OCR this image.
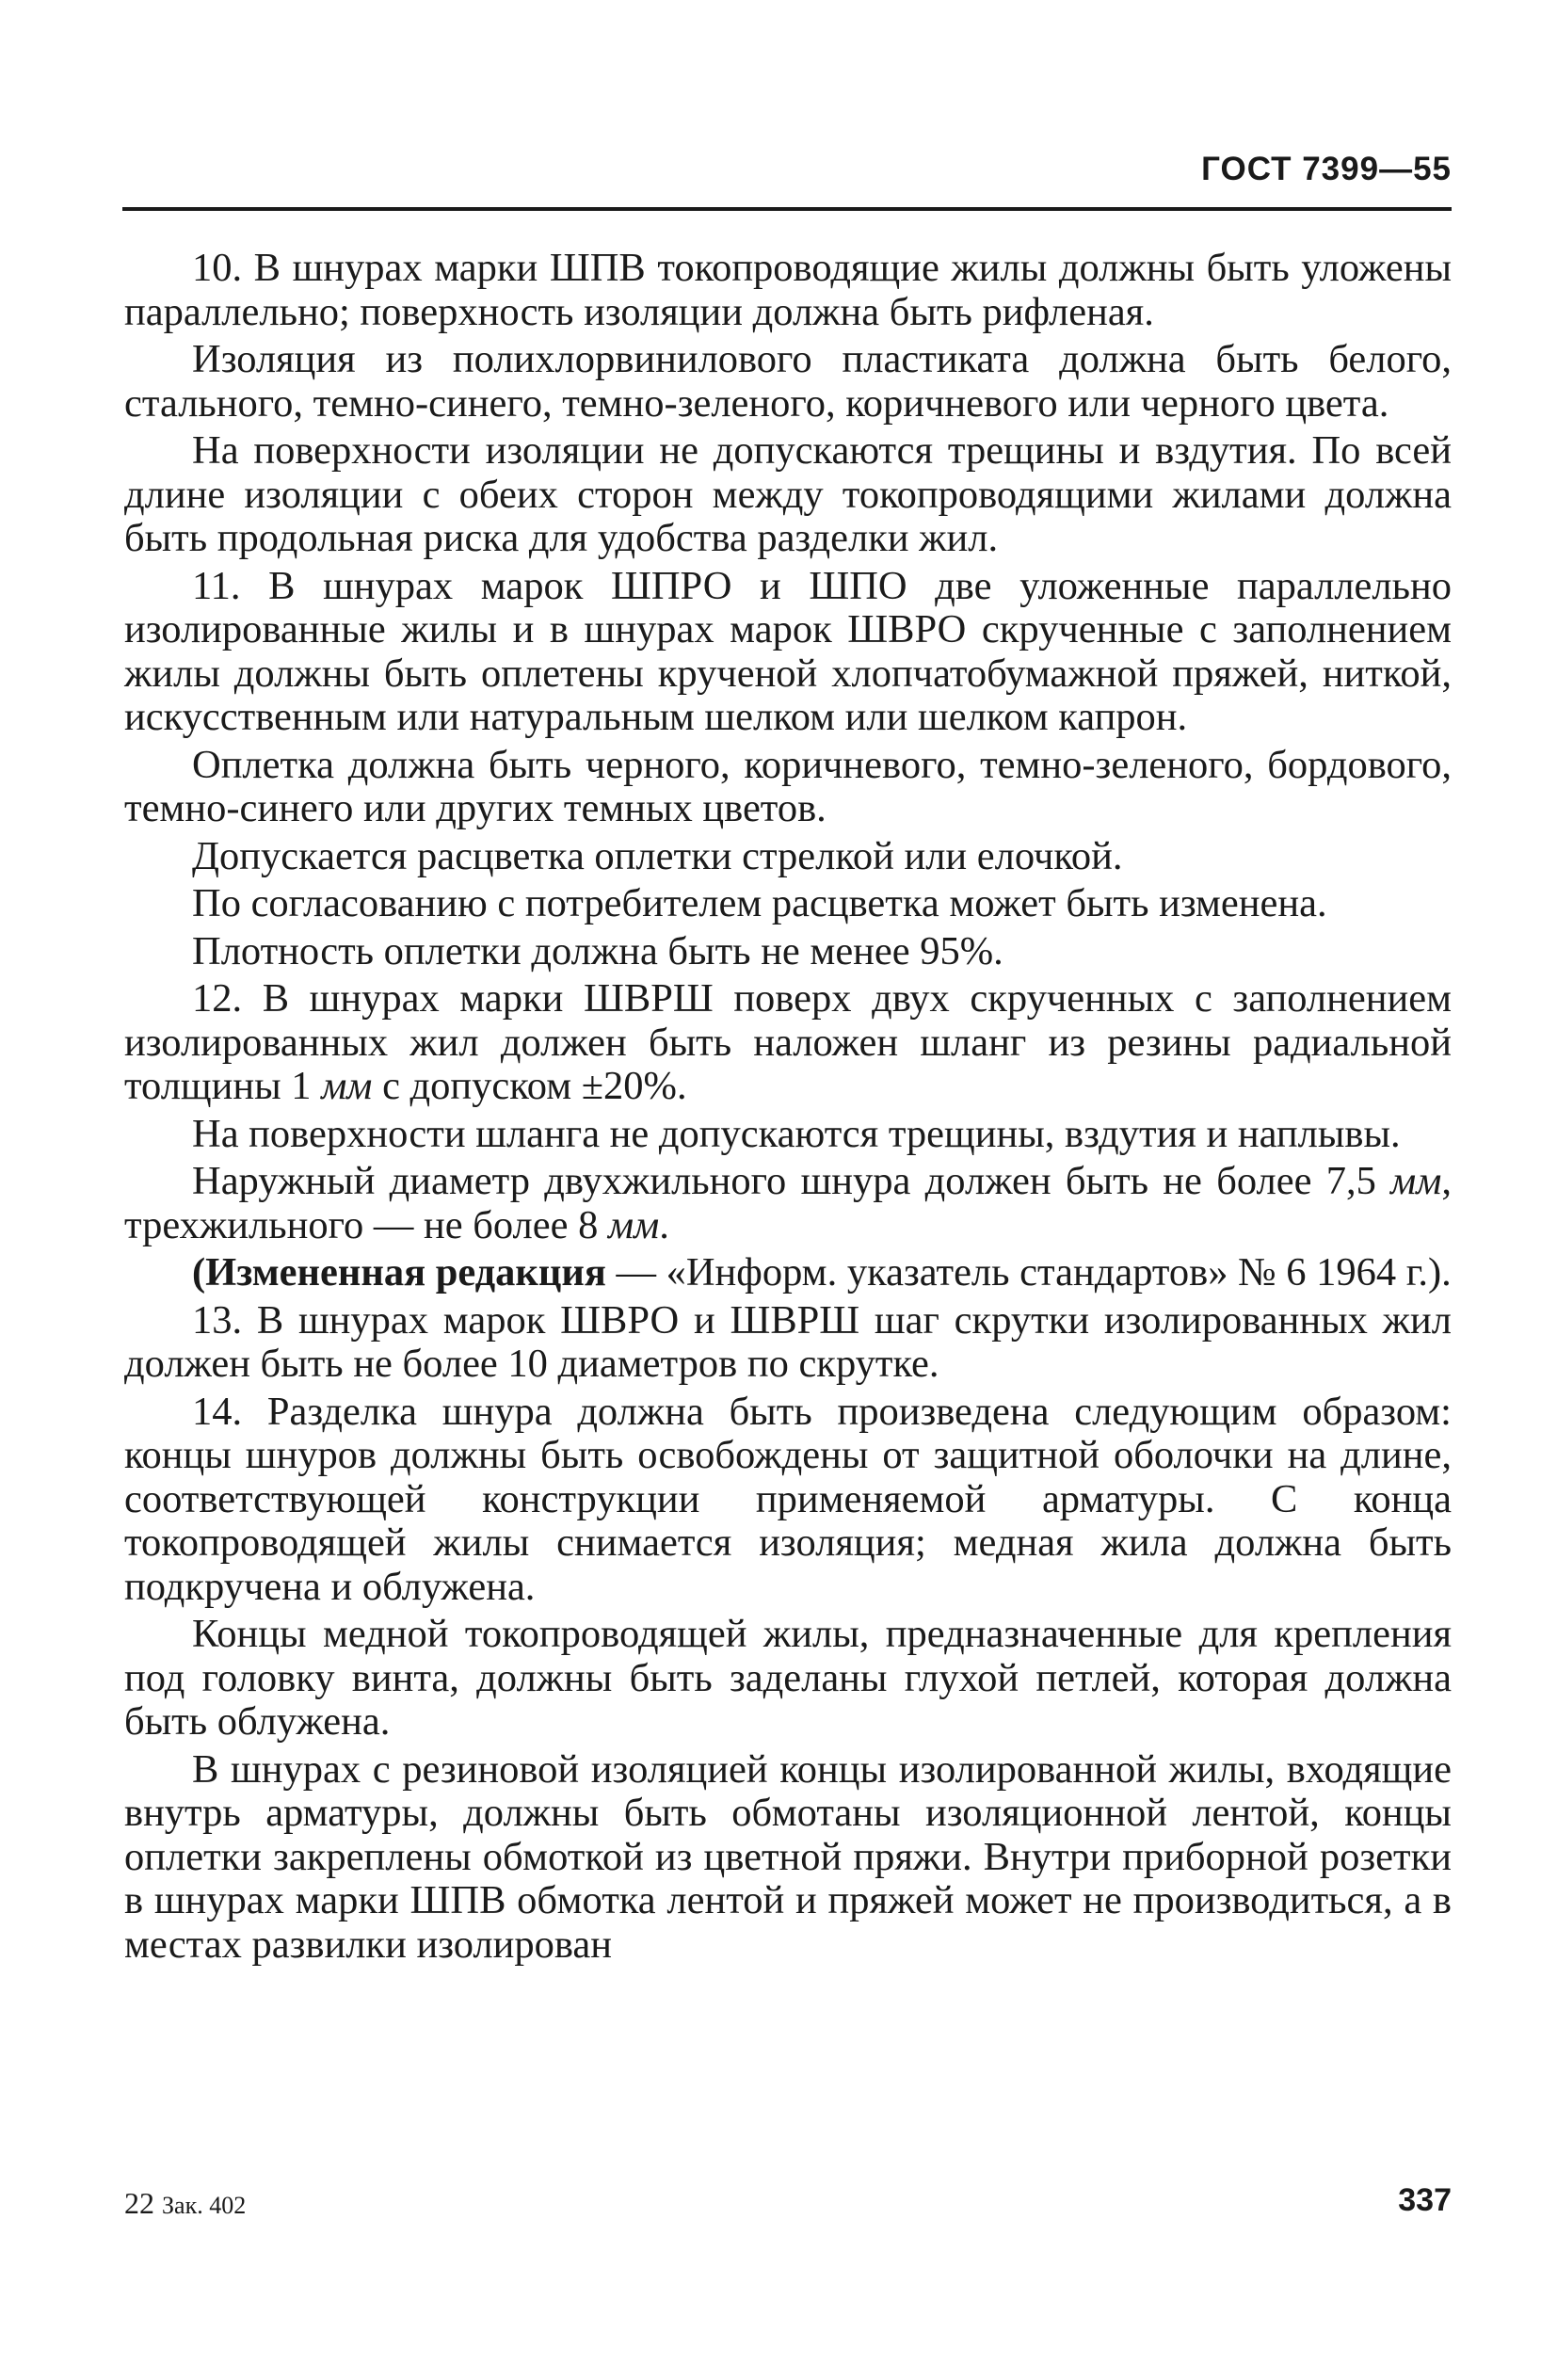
ГОСТ 7399—55

10. В шнурах марки ШПВ токопроводящие жилы должны быть уложены параллельно; поверхность изоляции должна быть рифленая.

Изоляция из полихлорвинилового пластиката должна быть белого, стального, темно-синего, темно-зеленого, коричневого или черного цвета.

На поверхности изоляции не допускаются трещины и вздутия. По всей длине изоляции с обеих сторон между токопроводящими жилами должна быть продольная риска для удобства разделки жил.

11. В шнурах марок ШПРО и ШПО две уложенные параллельно изолированные жилы и в шнурах марок ШВРО скрученные с заполнением жилы должны быть оплетены крученой хлопчатобумажной пряжей, ниткой, искусственным или натуральным шелком или шелком капрон.

Оплетка должна быть черного, коричневого, темно-зеленого, бордового, темно-синего или других темных цветов.

Допускается расцветка оплетки стрелкой или елочкой.

По согласованию с потребителем расцветка может быть изменена.

Плотность оплетки должна быть не менее 95%.

12. В шнурах марки ШВРШ поверх двух скрученных с заполнением изолированных жил должен быть наложен шланг из резины радиальной толщины 1 мм с допуском ±20%.

На поверхности шланга не допускаются трещины, вздутия и наплывы.

Наружный диаметр двухжильного шнура должен быть не более 7,5 мм, трехжильного — не более 8 мм.

(Измененная редакция — «Информ. указатель стандартов» № 6 1964 г.).

13. В шнурах марок ШВРО и ШВРШ шаг скрутки изолированных жил должен быть не более 10 диаметров по скрутке.

14. Разделка шнура должна быть произведена следующим образом: концы шнуров должны быть освобождены от защитной оболочки на длине, соответствующей конструкции применяемой арматуры. С конца токопроводящей жилы снимается изоляция; медная жила должна быть подкручена и облужена.

Концы медной токопроводящей жилы, предназначенные для крепления под головку винта, должны быть заделаны глухой петлей, которая должна быть облужена.

В шнурах с резиновой изоляцией концы изолированной жилы, входящие внутрь арматуры, должны быть обмотаны изоляционной лентой, концы оплетки закреплены обмоткой из цветной пряжи. Внутри приборной розетки в шнурах марки ШПВ обмотка лентой и пряжей может не производиться, а в местах развилки изолирован

22 Зак. 402	337
